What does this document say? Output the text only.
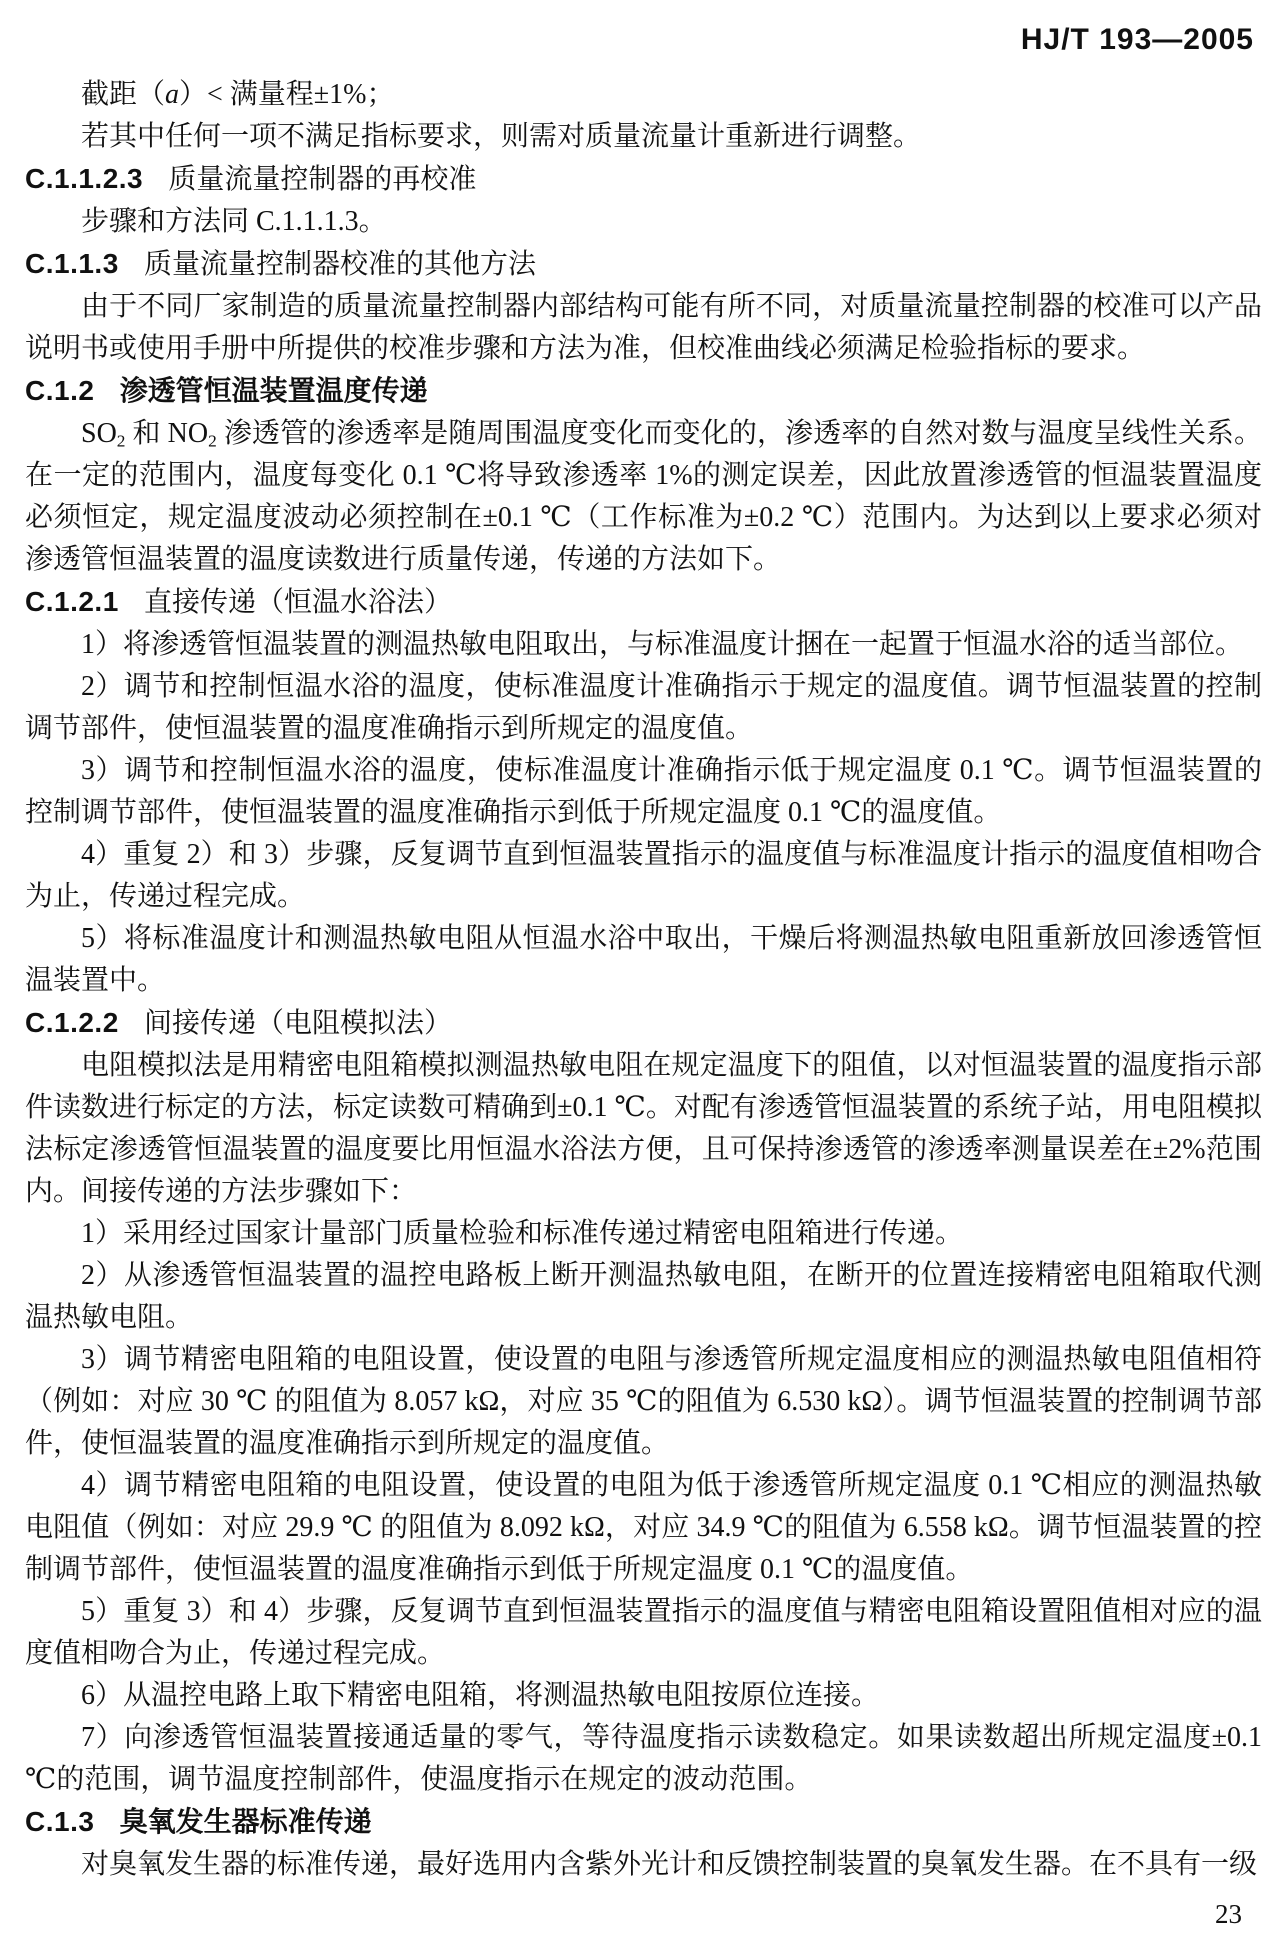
HJ/T 193—2005

截距（a）< 满量程±1%；

若其中任何一项不满足指标要求，则需对质量流量计重新进行调整。

C.1.1.2.3 质量流量控制器的再校准

步骤和方法同 C.1.1.1.3。

C.1.1.3 质量流量控制器校准的其他方法

由于不同厂家制造的质量流量控制器内部结构可能有所不同，对质量流量控制器的校准可以产品说明书或使用手册中所提供的校准步骤和方法为准，但校准曲线必须满足检验指标的要求。

C.1.2 渗透管恒温装置温度传递

$SO_2$ 和 $NO_2$ 渗透管的渗透率是随周围温度变化而变化的，渗透率的自然对数与温度呈线性关系。在一定的范围内，温度每变化 0.1 ℃将导致渗透率 1%的测定误差，因此放置渗透管的恒温装置温度必须恒定，规定温度波动必须控制在±0.1 ℃（工作标准为±0.2 ℃）范围内。为达到以上要求必须对渗透管恒温装置的温度读数进行质量传递，传递的方法如下。

C.1.2.1 直接传递（恒温水浴法）

1）将渗透管恒温装置的测温热敏电阻取出，与标准温度计捆在一起置于恒温水浴的适当部位。

2）调节和控制恒温水浴的温度，使标准温度计准确指示于规定的温度值。调节恒温装置的控制调节部件，使恒温装置的温度准确指示到所规定的温度值。

3）调节和控制恒温水浴的温度，使标准温度计准确指示低于规定温度 0.1 ℃。调节恒温装置的控制调节部件，使恒温装置的温度准确指示到低于所规定温度 0.1 ℃的温度值。

4）重复 2）和 3）步骤，反复调节直到恒温装置指示的温度值与标准温度计指示的温度值相吻合为止，传递过程完成。

5）将标准温度计和测温热敏电阻从恒温水浴中取出，干燥后将测温热敏电阻重新放回渗透管恒温装置中。

C.1.2.2 间接传递（电阻模拟法）

电阻模拟法是用精密电阻箱模拟测温热敏电阻在规定温度下的阻值，以对恒温装置的温度指示部件读数进行标定的方法，标定读数可精确到±0.1 ℃。对配有渗透管恒温装置的系统子站，用电阻模拟法标定渗透管恒温装置的温度要比用恒温水浴法方便，且可保持渗透管的渗透率测量误差在±2%范围内。间接传递的方法步骤如下：

1）采用经过国家计量部门质量检验和标准传递过精密电阻箱进行传递。

2）从渗透管恒温装置的温控电路板上断开测温热敏电阻，在断开的位置连接精密电阻箱取代测温热敏电阻。

3）调节精密电阻箱的电阻设置，使设置的电阻与渗透管所规定温度相应的测温热敏电阻值相符（例如：对应 30 ℃ 的阻值为 8.057 kΩ，对应 35 ℃的阻值为 6.530 kΩ）。调节恒温装置的控制调节部件，使恒温装置的温度准确指示到所规定的温度值。

4）调节精密电阻箱的电阻设置，使设置的电阻为低于渗透管所规定温度 0.1 ℃相应的测温热敏电阻值（例如：对应 29.9 ℃ 的阻值为 8.092 kΩ，对应 34.9 ℃的阻值为 6.558 kΩ。调节恒温装置的控制调节部件，使恒温装置的温度准确指示到低于所规定温度 0.1 ℃的温度值。

5）重复 3）和 4）步骤，反复调节直到恒温装置指示的温度值与精密电阻箱设置阻值相对应的温度值相吻合为止，传递过程完成。

6）从温控电路上取下精密电阻箱，将测温热敏电阻按原位连接。

7）向渗透管恒温装置接通适量的零气，等待温度指示读数稳定。如果读数超出所规定温度±0.1 ℃的范围，调节温度控制部件，使温度指示在规定的波动范围。

C.1.3 臭氧发生器标准传递

对臭氧发生器的标准传递，最好选用内含紫外光计和反馈控制装置的臭氧发生器。在不具有一级

23
